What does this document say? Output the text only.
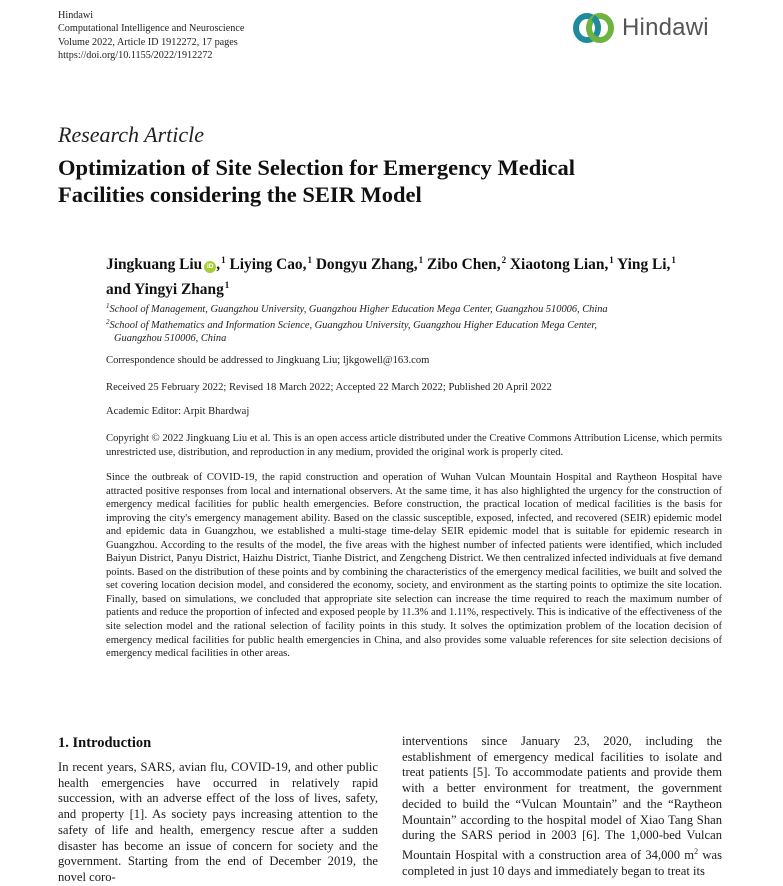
Hindawi
Computational Intelligence and Neuroscience
Volume 2022, Article ID 1912272, 17 pages
https://doi.org/10.1155/2022/1912272
Hindawi
Research Article
Optimization of Site Selection for Emergency Medical
Facilities considering the SEIR Model
Jingkuang Liu iD ,$^1$ Liying Cao,$^1$ Dongyu Zhang,$^1$ Zibo Chen,$^2$ Xiaotong Lian,$^1$ Ying Li,$^1$
and Yingyi Zhang$^1$
$^1$School of Management, Guangzhou University, Guangzhou Higher Education Mega Center, Guangzhou 510006, China
$^2$School of Mathematics and Information Science, Guangzhou University, Guangzhou Higher Education Mega Center,
Guangzhou 510006, China
Correspondence should be addressed to Jingkuang Liu; ljkgowell@163.com
Received 25 February 2022; Revised 18 March 2022; Accepted 22 March 2022; Published 20 April 2022
Academic Editor: Arpit Bhardwaj
Copyright © 2022 Jingkuang Liu et al. This is an open access article distributed under the Creative Commons Attribution License, which permits unrestricted use, distribution, and reproduction in any medium, provided the original work is properly cited.
Since the outbreak of COVID-19, the rapid construction and operation of Wuhan Vulcan Mountain Hospital and Raytheon Hospital have attracted positive responses from local and international observers. At the same time, it has also highlighted the urgency for the construction of emergency medical facilities for public health emergencies. Before construction, the practical location of medical facilities is the basis for improving the city's emergency management ability. Based on the classic susceptible, exposed, infected, and recovered (SEIR) epidemic model and epidemic data in Guangzhou, we established a multi-stage time-delay SEIR epidemic model that is suitable for epidemic research in Guangzhou. According to the results of the model, the five areas with the highest number of infected patients were identified, which included Baiyun District, Panyu District, Haizhu District, Tianhe District, and Zengcheng District. We then centralized infected individuals at five demand points. Based on the distribution of these points and by combining the characteristics of the emergency medical facilities, we built and solved the set covering location decision model, and considered the economy, society, and environment as the starting points to optimize the site location. Finally, based on simulations, we concluded that appropriate site selection can increase the time required to reach the maximum number of patients and reduce the proportion of infected and exposed people by 11.3% and 1.11%, respectively. This is indicative of the effectiveness of the site selection model and the rational selection of facility points in this study. It solves the optimization problem of the location decision of emergency medical facilities for public health emergencies in China, and also provides some valuable references for site selection decisions of emergency medical facilities in other areas.
1. Introduction

In recent years, SARS, avian flu, COVID-19, and other public health emergencies have occurred in relatively rapid succession, with an adverse effect of the loss of lives, safety, and property [1]. As society pays increasing attention to the safety of life and health, emergency rescue after a sudden disaster has become an issue of concern for society and the government. Starting from the end of December 2019, the novel coro-

interventions since January 23, 2020, including the establishment of emergency medical facilities to isolate and treat patients [5]. To accommodate patients and provide them with a better environment for treatment, the government decided to build the “Vulcan Mountain” and the “Raytheon Mountain” according to the hospital model of Xiao Tang Shan during the SARS period in 2003 [6]. The 1,000-bed Vulcan Mountain Hospital with a construction area of 34,000 $m^2$ was completed in just 10 days and immediately began to treat its
